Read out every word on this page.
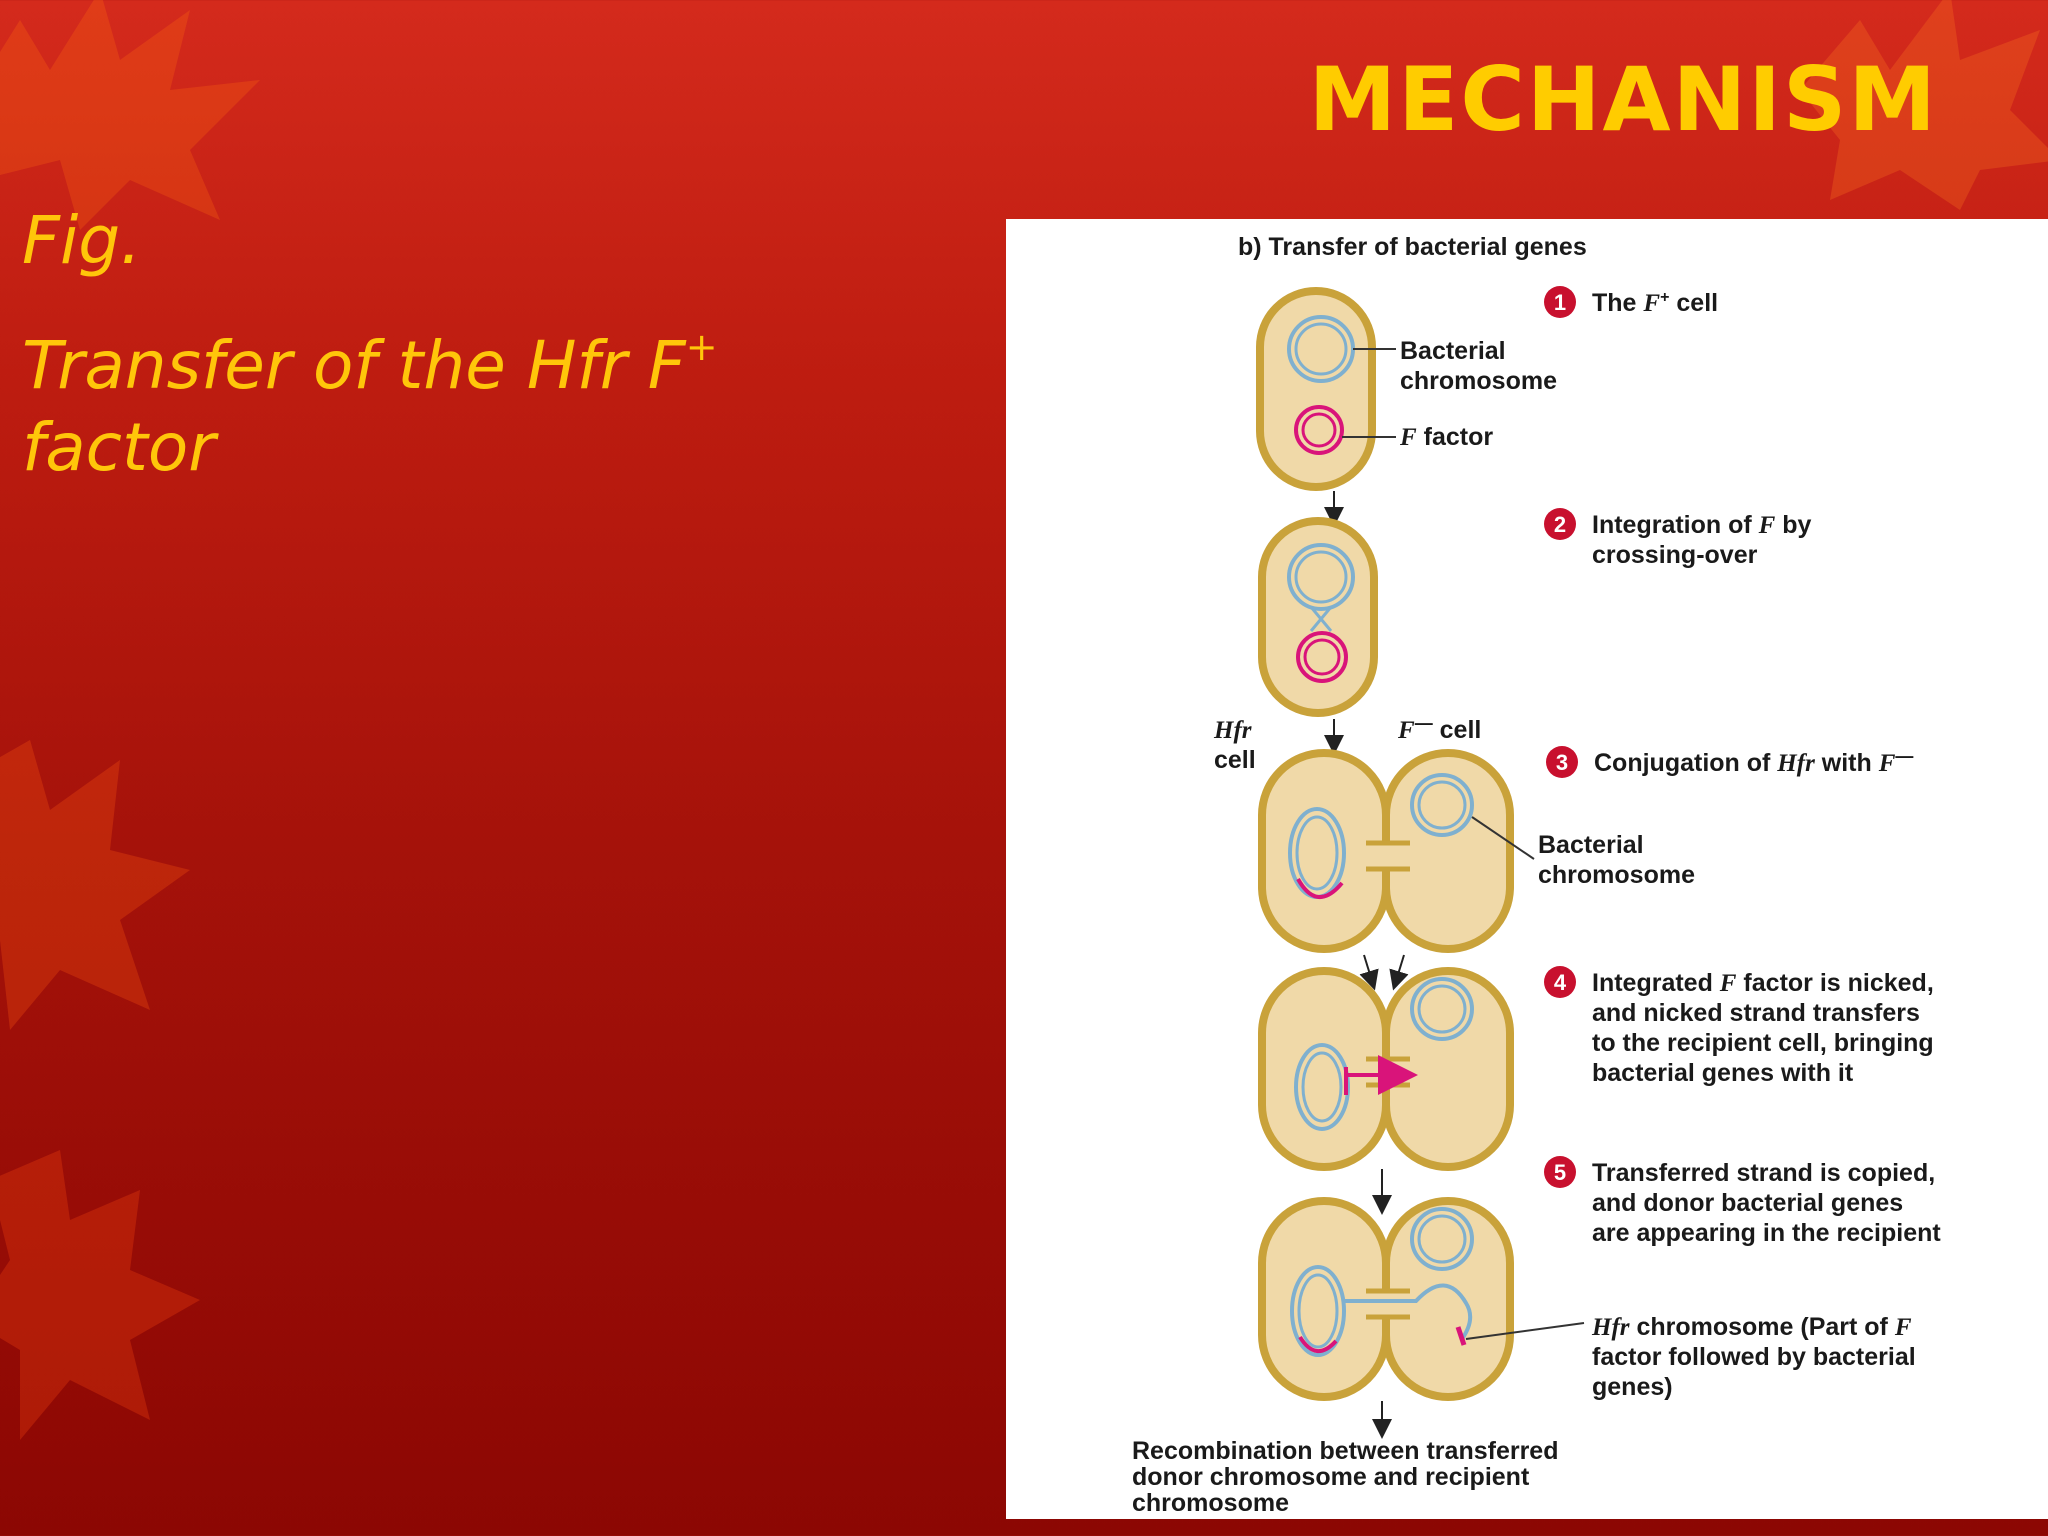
MECHANISM

Fig.

Transfer of the Hfr F+
factor

b) Transfer of bacterial genes
Bacterial
chromosome
F factor
Hfr
cell
F— cell
Bacterial
chromosome
1 The F+ cell
2 Integration of F by
crossing-over
3 Conjugation of Hfr with F—
4 Integrated F factor is nicked,
and nicked strand transfers
to the recipient cell, bringing
bacterial genes with it
5 Transferred strand is copied,
and donor bacterial genes
are appearing in the recipient
Hfr chromosome (Part of F
factor followed by bacterial
genes)
Recombination between transferred
donor chromosome and recipient
chromosome
